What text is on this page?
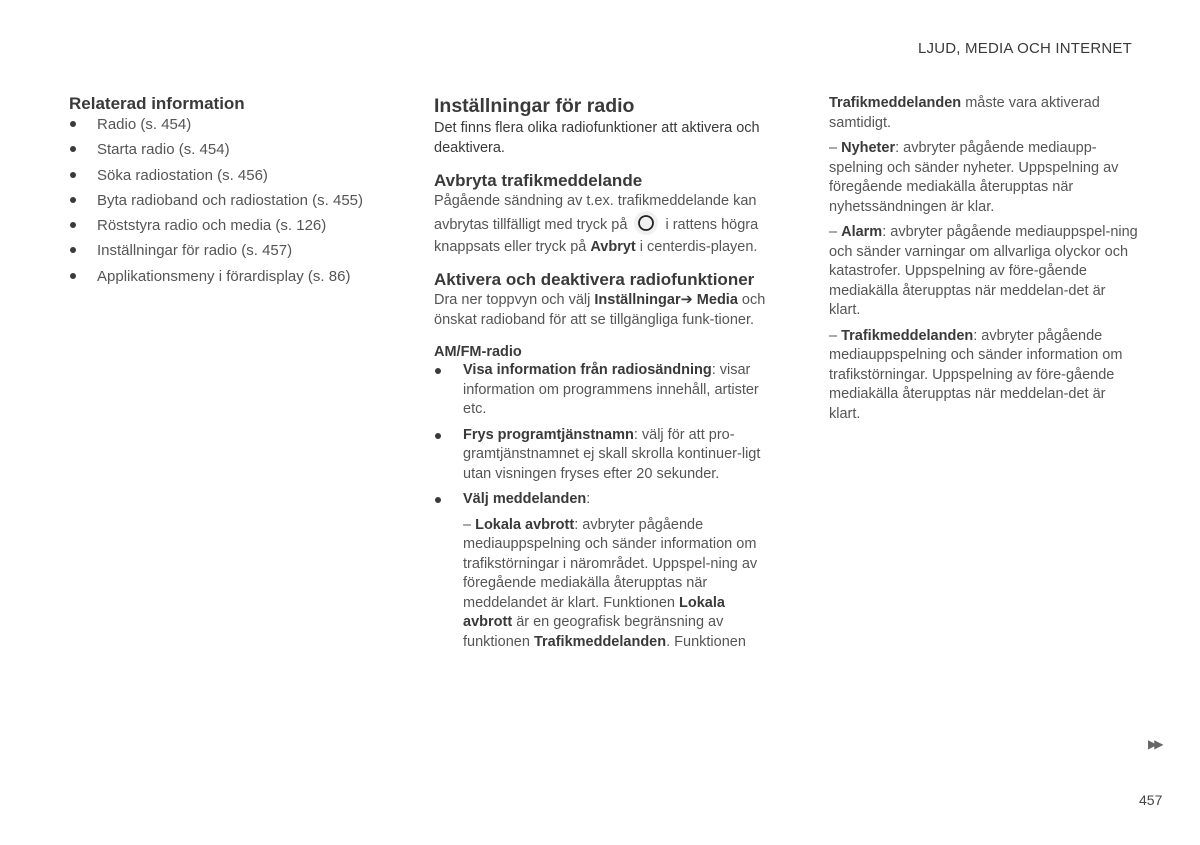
LJUD, MEDIA OCH INTERNET
Relaterad information
Radio (s. 454)
Starta radio (s. 454)
Söka radiostation (s. 456)
Byta radioband och radiostation (s. 455)
Röststyra radio och media (s. 126)
Inställningar för radio (s. 457)
Applikationsmeny i förardisplay (s. 86)
Inställningar för radio

Det finns flera olika radiofunktioner att aktivera och deaktivera.

Avbryta trafikmeddelande

Pågående sändning av t.ex. trafikmeddelande kan avbrytas tillfälligt med tryck på	i rattens högra knappsats eller tryck på Avbryt i centerdis-playen.

Aktivera och deaktivera radiofunktioner

Dra ner toppvyn och välj Inställningar➔ Media och önskat radioband för att se tillgängliga funk-tioner.

AM/FM-radio

Visa information från radiosändning: visar information om programmens innehåll, artister etc.

Frys programtjänstnamn: välj för att pro-gramtjänstnamnet ej skall skrolla kontinuer-ligt utan visningen fryses efter 20 sekunder.

Välj meddelanden:

– Lokala avbrott: avbryter pågående mediauppspelning och sänder information om trafikstörningar i närområdet. Uppspel-ning av föregående mediakälla återupptas när meddelandet är klart. Funktionen Lokala avbrott är en geografisk begränsning av funktionen Trafikmeddelanden. Funktionen

Trafikmeddelanden måste vara aktiverad samtidigt.

– Nyheter: avbryter pågående mediaupp-spelning och sänder nyheter. Uppspelning av föregående mediakälla återupptas när nyhetssändningen är klar.

– Alarm: avbryter pågående mediauppspel-ning och sänder varningar om allvarliga olyckor och katastrofer. Uppspelning av före-gående mediakälla återupptas när meddelan-det är klart.

– Trafikmeddelanden: avbryter pågående mediauppspelning och sänder information om trafikstörningar. Uppspelning av före-gående mediakälla återupptas när meddelan-det är klart.

▶▶
457
